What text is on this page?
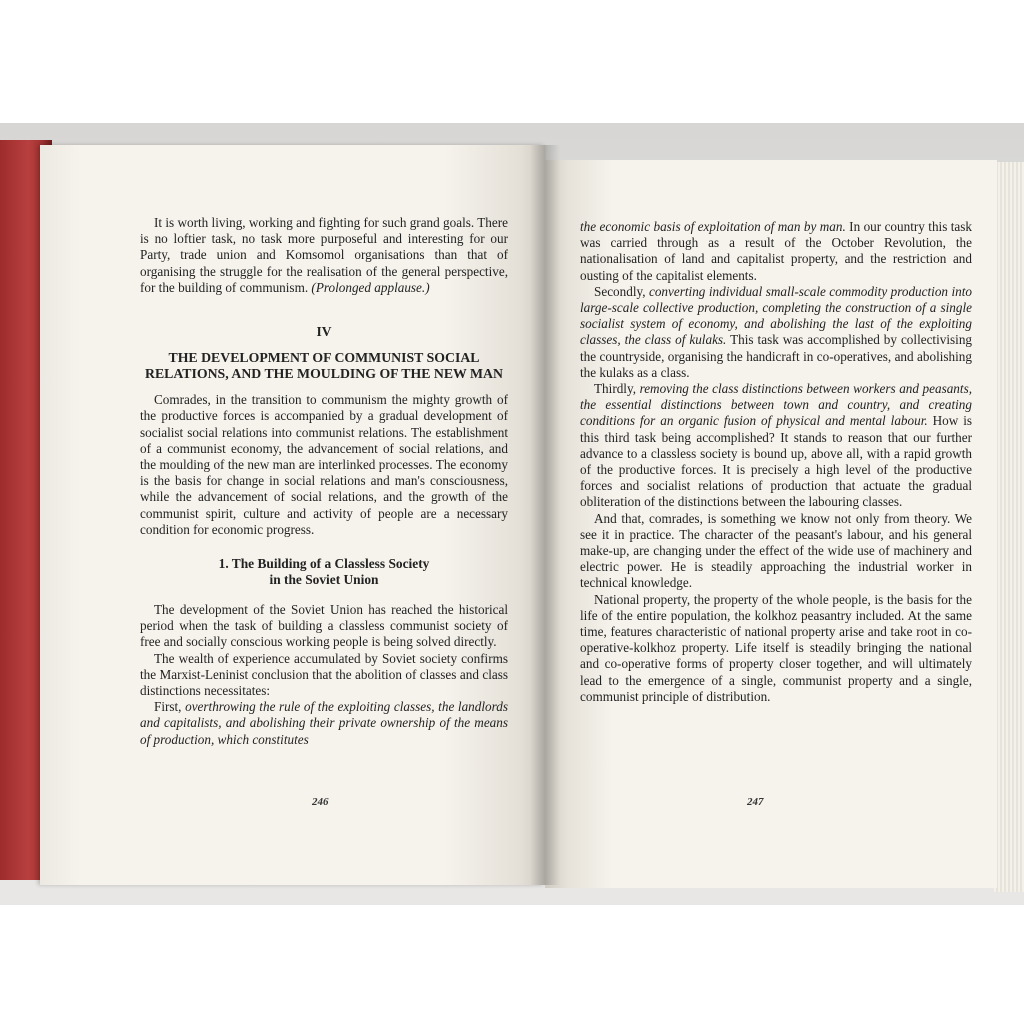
It is worth living, working and fighting for such grand goals. There is no loftier task, no task more purposeful and interesting for our Party, trade union and Komsomol organisations than that of organising the struggle for the realisation of the general perspective, for the building of communism. (Prolonged applause.)

IV
THE DEVELOPMENT OF COMMUNIST SOCIAL
RELATIONS, AND THE MOULDING OF THE NEW MAN

Comrades, in the transition to communism the mighty growth of the productive forces is accompanied by a gradual development of socialist social relations into communist relations. The establishment of a communist economy, the advancement of social relations, and the moulding of the new man are interlinked processes. The economy is the basis for change in social relations and man's consciousness, while the advancement of social relations, and the growth of the communist spirit, culture and activity of people are a necessary condition for economic progress.

1. The Building of a Classless Society
in the Soviet Union

The development of the Soviet Union has reached the historical period when the task of building a classless communist society of free and socially conscious working people is being solved directly.

The wealth of experience accumulated by Soviet society confirms the Marxist-Leninist conclusion that the abolition of classes and class distinctions necessitates:

First, overthrowing the rule of the exploiting classes, the landlords and capitalists, and abolishing their private ownership of the means of production, which constitutes

246

the economic basis of exploitation of man by man. In our country this task was carried through as a result of the October Revolution, the nationalisation of land and capitalist property, and the restriction and ousting of the capitalist elements.

Secondly, converting individual small-scale commodity production into large-scale collective production, completing the construction of a single socialist system of economy, and abolishing the last of the exploiting classes, the class of kulaks. This task was accomplished by collectivising the countryside, organising the handicraft in co-operatives, and abolishing the kulaks as a class.

Thirdly, removing the class distinctions between workers and peasants, the essential distinctions between town and country, and creating conditions for an organic fusion of physical and mental labour. How is this third task being accomplished? It stands to reason that our further advance to a classless society is bound up, above all, with a rapid growth of the productive forces. It is precisely a high level of the productive forces and socialist relations of production that actuate the gradual obliteration of the distinctions between the labouring classes.

And that, comrades, is something we know not only from theory. We see it in practice. The character of the peasant's labour, and his general make-up, are changing under the effect of the wide use of machinery and electric power. He is steadily approaching the industrial worker in technical knowledge.

National property, the property of the whole people, is the basis for the life of the entire population, the kolkhoz peasantry included. At the same time, features characteristic of national property arise and take root in co-operative-kolkhoz property. Life itself is steadily bringing the national and co-operative forms of property closer together, and will ultimately lead to the emergence of a single, communist property and a single, communist principle of distribution.

247
